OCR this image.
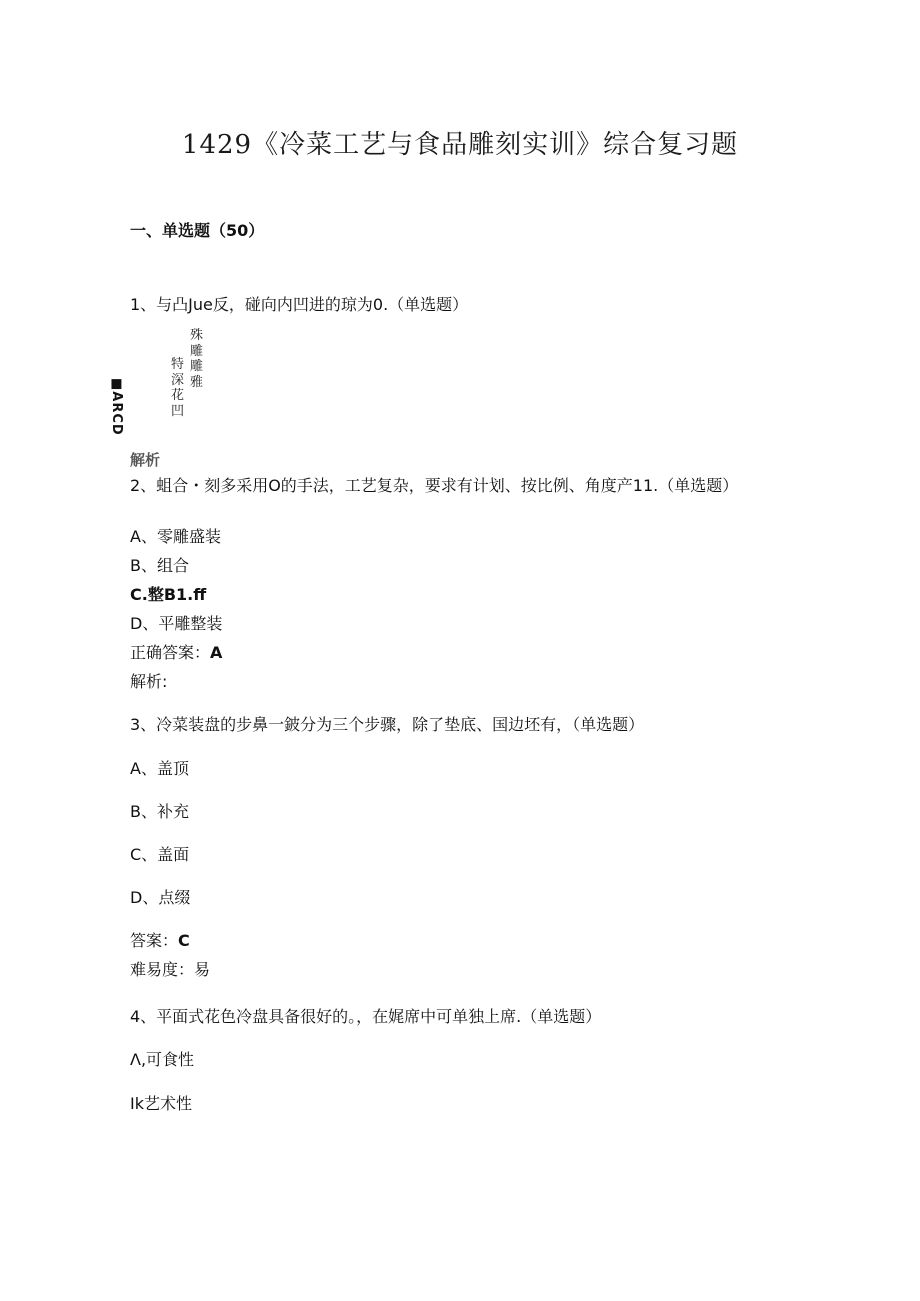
1429《冷菜工艺与食品雕刻实训》综合复习题
一、单选题（50）
1、与凸Jue反，碰向内凹进的琼为0.（单选题）
■ARCD
特深花凹
殊雕雕雅
解析
2、蛆合・刻多采用O的手法，工艺复杂，要求有计划、按比例、角度产11.（单选题）
A、零雕盛装
B、组合
C.整B1.ff
D、平雕整装
正确答案：A
解析:
3、冷菜装盘的步鼻一鈹分为三个步骤，除了垫底、国边坯有，（单选题）
A、盖顶
B、补充
C、盖面
D、点缀
答案：C
难易度：易
4、平面式花色冷盘具备很好的。，在娓席中可单独上席.（单选题）
Λ,可食性
Ik艺术性
